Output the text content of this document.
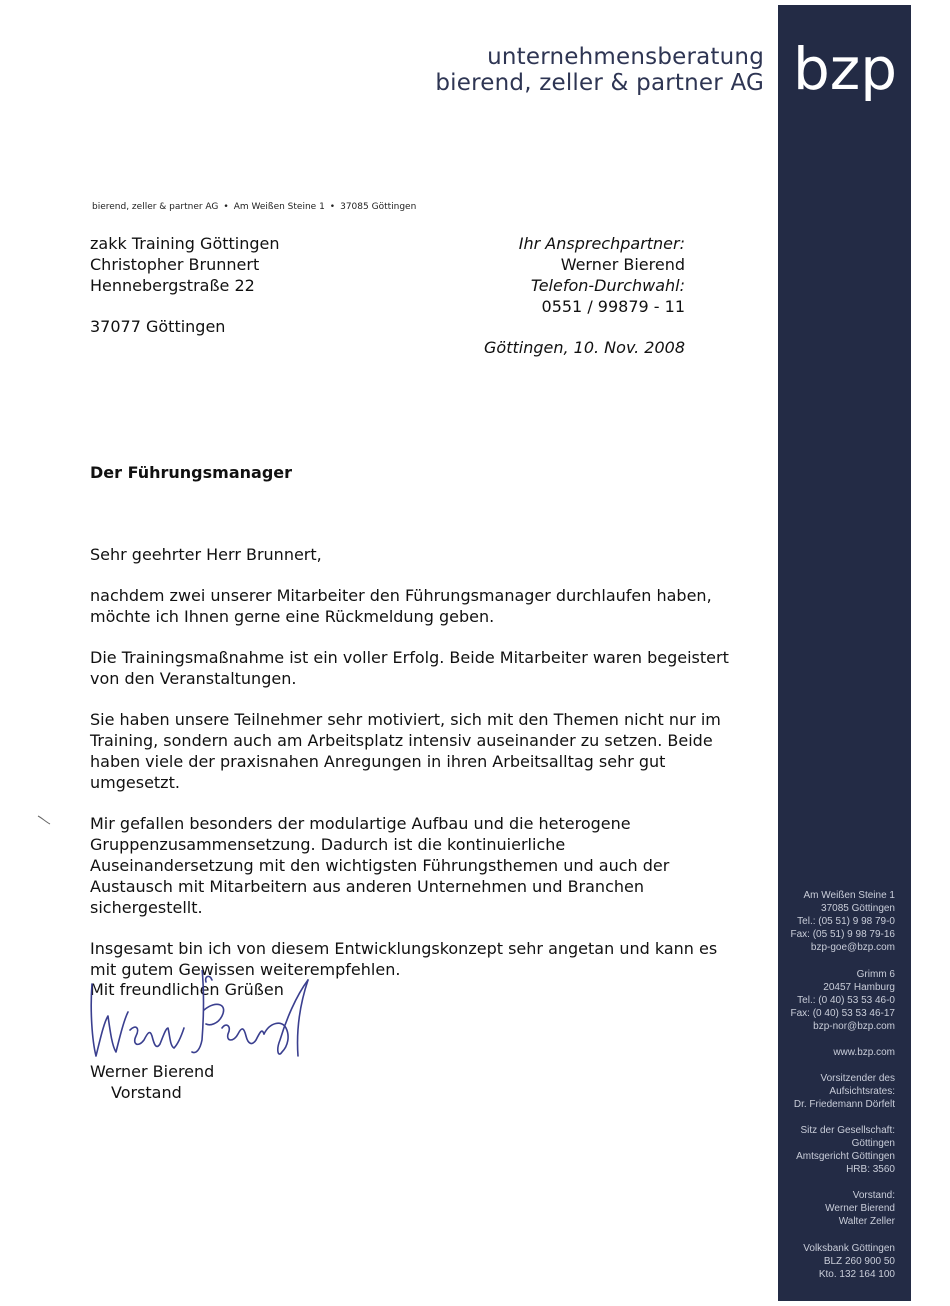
unternehmensberatung
bierend, zeller & partner AG bzp
Am Weißen Steine 1
37085 Göttingen
Tel.: (05 51) 9 98 79-0
Fax: (05 51) 9 98 79-16
bzp-goe@bzp.com
Grimm 6
20457 Hamburg
Tel.: (0 40) 53 53 46-0
Fax: (0 40) 53 53 46-17
bzp-nor@bzp.com
www.bzp.com
Vorsitzender des
Aufsichtsrates:
Dr. Friedemann Dörfelt
Sitz der Gesellschaft:
Göttingen
Amtsgericht Göttingen
HRB: 3560
Vorstand:
Werner Bierend
Walter Zeller
Volksbank Göttingen
BLZ 260 900 50
Kto. 132 164 100
bierend, zeller & partner AG • Am Weißen Steine 1 • 37085 Göttingen
zakk Training Göttingen
Christopher Brunnert
Hennebergstraße 22
37077 Göttingen
Ihr Ansprechpartner:
Werner Bierend
Telefon-Durchwahl:
0551 / 99879 - 11
Göttingen, 10. Nov. 2008
Der Führungsmanager

Sehr geehrter Herr Brunnert,

nachdem zwei unserer Mitarbeiter den Führungsmanager durchlaufen haben, möchte ich Ihnen gerne eine Rückmeldung geben.

Die Trainingsmaßnahme ist ein voller Erfolg. Beide Mitarbeiter waren begeistert von den Veranstaltungen.

Sie haben unsere Teilnehmer sehr motiviert, sich mit den Themen nicht nur im Training, sondern auch am Arbeitsplatz intensiv auseinander zu setzen. Beide haben viele der praxisnahen Anregungen in ihren Arbeitsalltag sehr gut umgesetzt.

Mir gefallen besonders der modulartige Aufbau und die heterogene Gruppenzusammensetzung. Dadurch ist die kontinuierliche Auseinandersetzung mit den wichtigsten Führungsthemen und auch der Austausch mit Mitarbeitern aus anderen Unternehmen und Branchen sichergestellt.

Insgesamt bin ich von diesem Entwicklungskonzept sehr angetan und kann es mit gutem Gewissen weiterempfehlen.

Mit freundlichen Grüßen
Werner Bierend
Vorstand
